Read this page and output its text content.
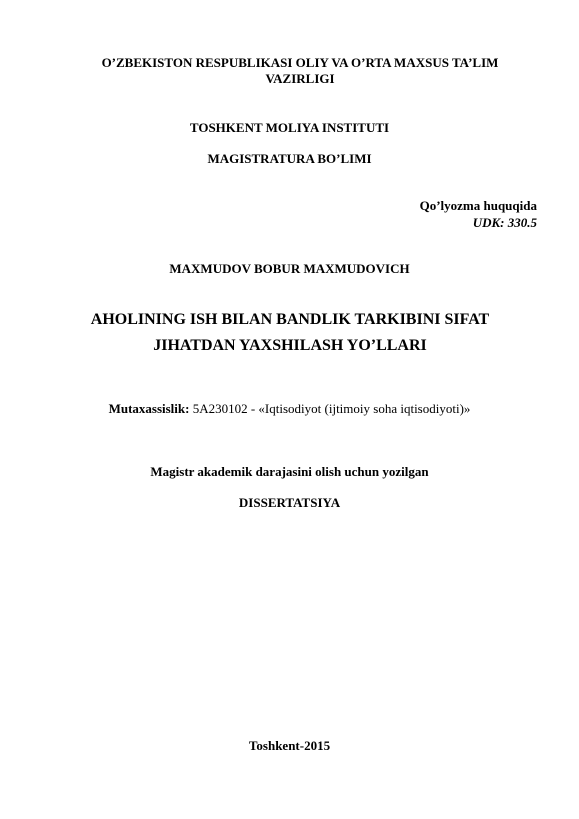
O’ZBEKISTON RESPUBLIKASI OLIY VA O’RTA MAXSUS TA’LIM VAZIRLIGI
TOSHKENT MOLIYA INSTITUTI
MAGISTRATURA BO’LIMI
Qo’lyozma huquqida
UDK: 330.5
MAXMUDOV BOBUR MAXMUDOVICH
AHOLINING ISH BILAN BANDLIK TARKIBINI SIFAT JIHATDAN YAXSHILASH YO’LLARI
Mutaxassislik: 5A230102 - «Iqtisodiyot (ijtimoiy soha iqtisodiyoti)»
Magistr akademik darajasini olish uchun yozilgan
DISSERTATSIYA
Toshkent-2015
